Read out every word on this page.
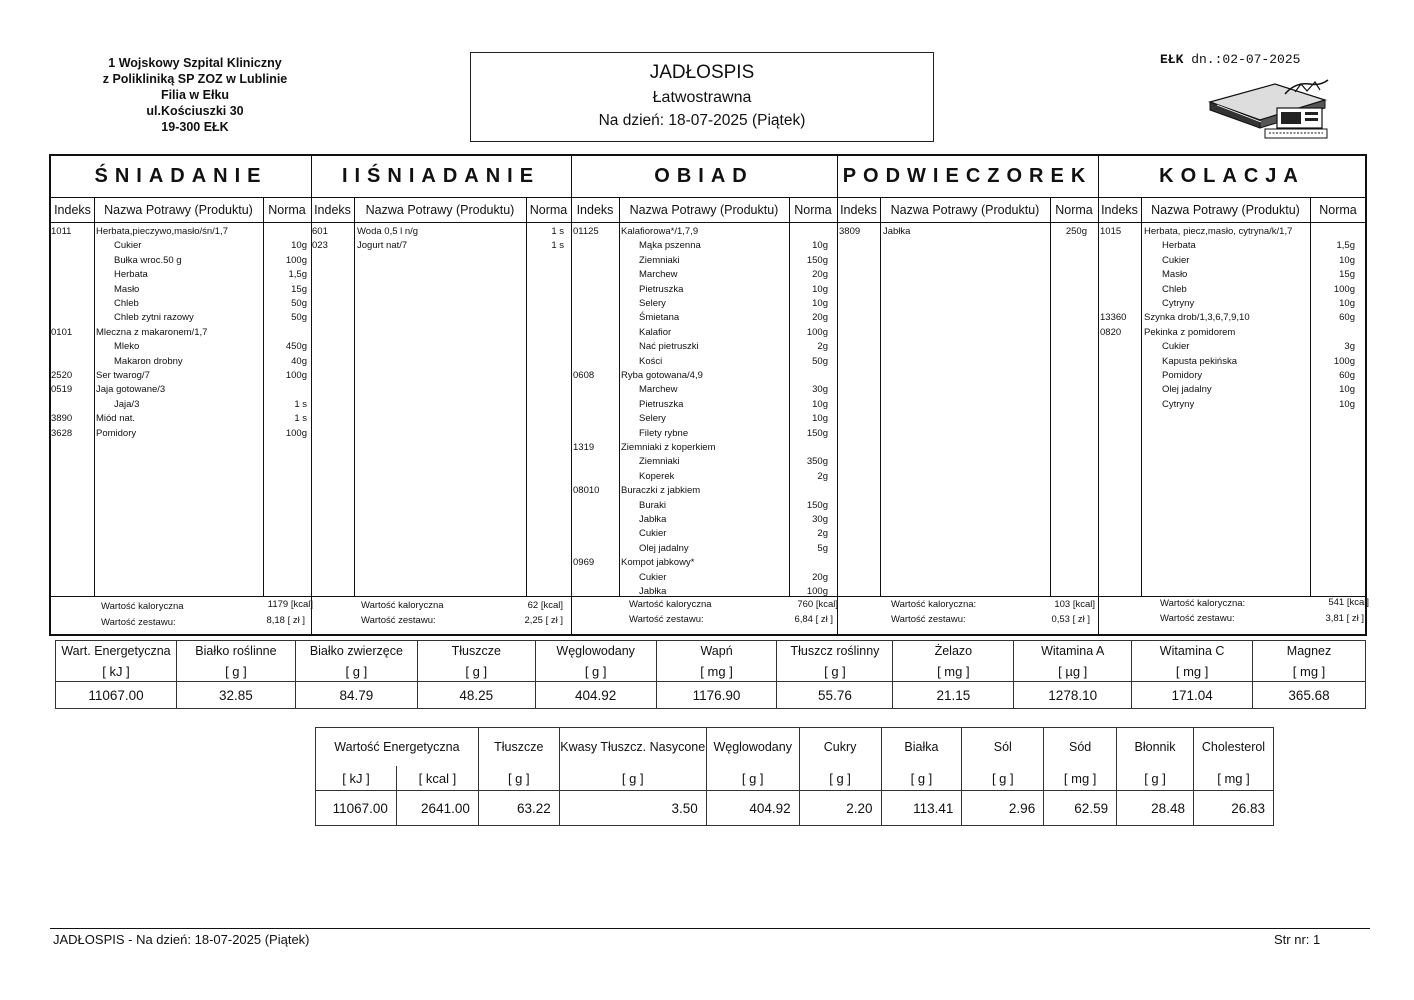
1 Wojskowy Szpital Kliniczny
z Polikliniką SP ZOZ w Lublinie
Filia w Ełku
ul.Kościuszki 30
19-300 EŁK
JADŁOSPIS
Łatwostrawna
Na dzień: 18-07-2025 (Piątek)
EŁK dn.:02-07-2025
ŚNIADANIE
Indeks	Nazwa Potrawy (Produktu)	Norma
Wartość kaloryczna	1179 [kcal]
Wartość zestawu:	8,18 [ zł ]
1011	Herbata,pieczywo,masło/śn/1,7
Cukier	10g
Bułka wroc.50 g	100g
Herbata	1,5g
Masło	15g
Chleb	50g
Chleb zytni razowy	50g
0101	Mleczna z makaronem/1,7
Mleko	450g
Makaron drobny	40g
2520	Ser twarog/7	100g
0519	Jaja gotowane/3
Jaja/3	1 s
3890	Miód nat.	1 s
3628	Pomidory	100g
IIŚNIADANIE
Indeks	Nazwa Potrawy (Produktu)	Norma
Wartość kaloryczna	62 [kcal]
Wartość zestawu:	2,25 [ zł ]
601	Woda 0,5 l n/g	1 s
023	Jogurt nat/7	1 s
OBIAD
Indeks	Nazwa Potrawy (Produktu)	Norma
Wartość kaloryczna	760 [kcal]
Wartość zestawu:	6,84 [ zł ]
01125 Kalafiorowa*/1,7,9
Mąka pszenna	10g
Ziemniaki	150g
Marchew	20g
Pietruszka	10g
Selery	10g
Śmietana	20g
Kalafior	100g
Nać pietruszki	2g
Kości	50g
0608	Ryba gotowana/4,9
Marchew	30g
Pietruszka	10g
Selery	10g
Filety rybne	150g
1319	Ziemniaki z koperkiem
Ziemniaki	350g
Koperek	2g
08010 Buraczki z jabkiem
Buraki	150g
Jabłka	30g
Cukier	2g
Olej jadalny	5g
0969	Kompot jabkowy*
Cukier	20g
Jabłka	100g
PODWIECZOREK
Indeks	Nazwa Potrawy (Produktu)	Norma
Wartość kaloryczna:	103 [kcal]
Wartość zestawu:	0,53 [ zł ]
3809 Jabłka	250g
KOLACJA
Indeks	Nazwa Potrawy (Produktu)	Norma
Wartość kaloryczna:	541 [kcal]
Wartość zestawu:	3,81 [ zł ]
1015 Herbata, piecz,masło, cytryna/k/1,7
Herbata	1,5g
Cukier	10g
Masło	15g
Chleb	100g
Cytryny	10g
13360 Szynka drob/1,3,6,7,9,10	60g
0820 Pekinka z pomidorem
Cukier	3g
Kapusta pekińska	100g
Pomidory	60g
Olej jadalny	10g
Cytryny	10g
Wart. Energetyczna	Białko roślinne	Białko zwierzęce	Tłuszcze	Węglowodany	Wapń	Tłuszcz roślinny	Żelazo	Witamina A	Witamina C	Magnez
[ kJ ]	[ g ]	[ g ]	[ g ]	[ g ]	[ mg ]	[ g ]	[ mg ]	[ µg ]	[ mg ]	[ mg ]
11067.00	32.85	84.79	48.25	404.92	1176.90	55.76	21.15	1278.10	171.04	365.68
Wartość Energetyczna		Tłuszcze	Kwasy Tłuszcz. Nasycone	Węglowodany	Cukry	Białka	Sól	Sód	Błonnik	Cholesterol
[ kJ ]	[ kcal ]	[ g ]	[ g ]	[ g ]	[ g ]	[ g ]	[ g ]	[ mg ]	[ g ]	[ mg ]
11067.00	2641.00	63.22	3.50	404.92	2.20	113.41	2.96	62.59	28.48	26.83
JADŁOSPIS - Na dzień: 18-07-2025 (Piątek)	Str nr: 1
